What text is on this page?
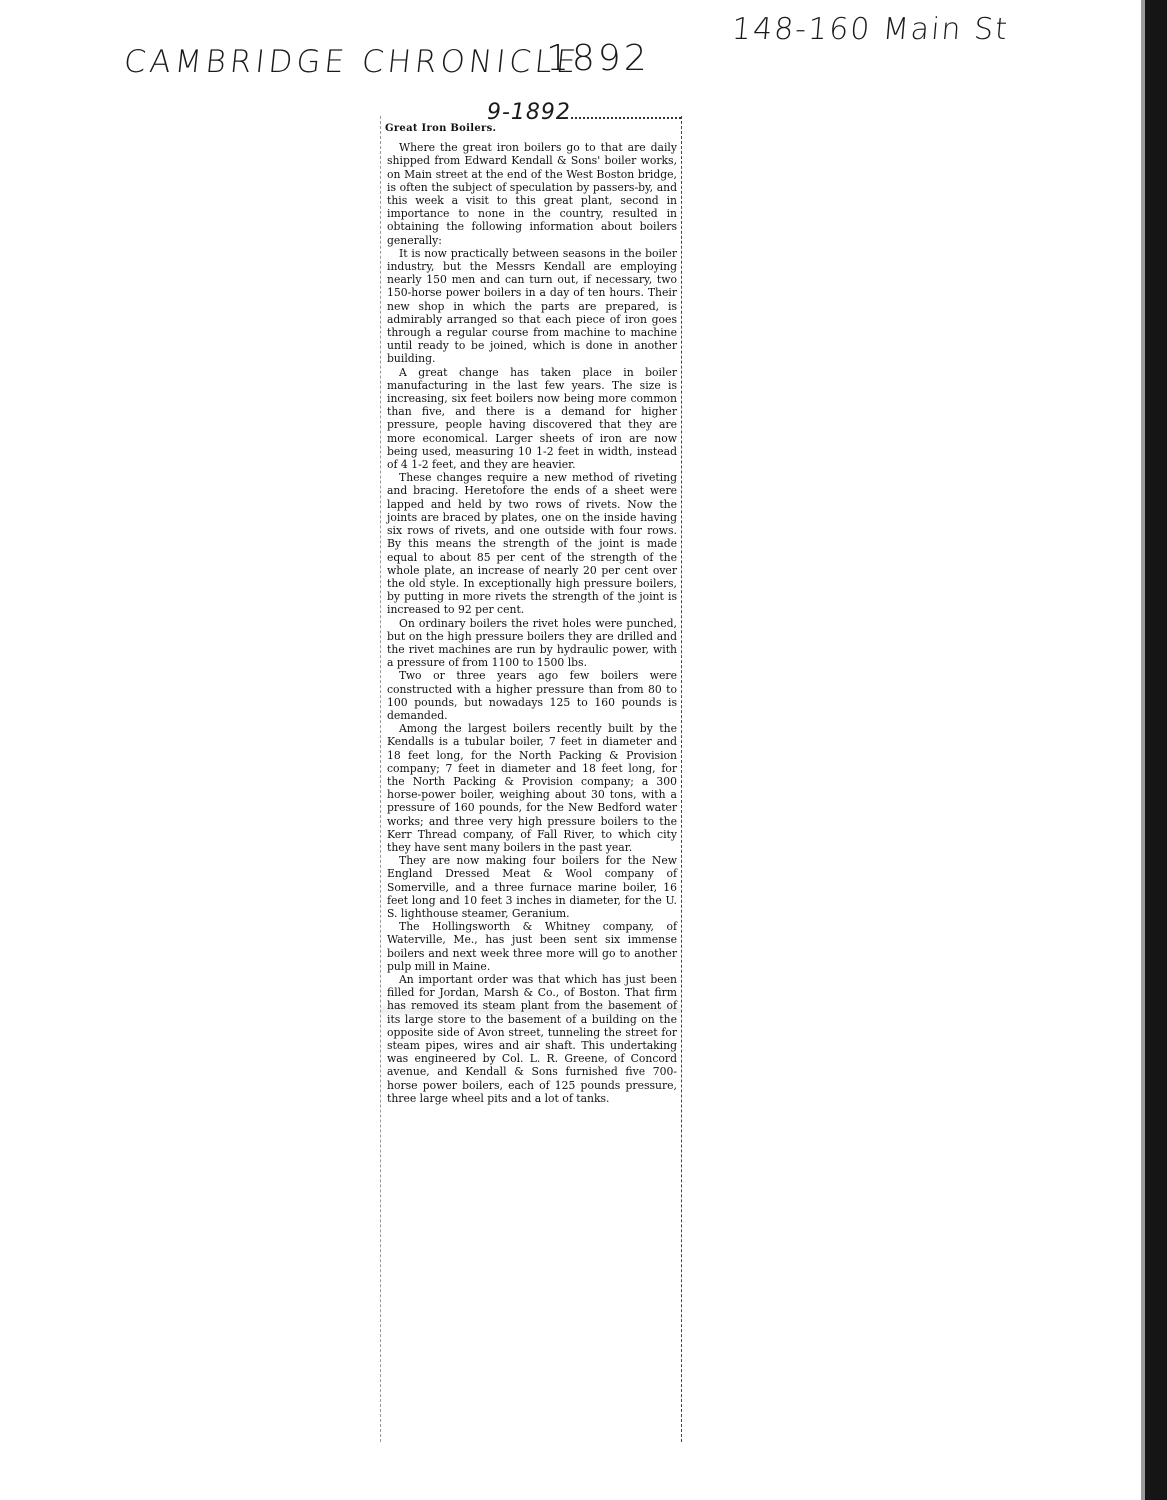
CAMBRIDGE CHRONICLE
1892
148-160 Main St
9-1892
Great Iron Boilers.

Where the great iron boilers go to that are daily shipped from Edward Kendall & Sons' boiler works, on Main street at the end of the West Boston bridge, is often the subject of speculation by passers-by, and this week a visit to this great plant, second in importance to none in the country, resulted in obtaining the following information about boilers generally:

It is now practically between seasons in the boiler industry, but the Messrs Kendall are employing nearly 150 men and can turn out, if necessary, two 150-horse power boilers in a day of ten hours. Their new shop in which the parts are prepared, is admirably arranged so that each piece of iron goes through a regular course from machine to machine until ready to be joined, which is done in another building.

A great change has taken place in boiler manufacturing in the last few years. The size is increasing, six feet boilers now being more common than five, and there is a demand for higher pressure, people having discovered that they are more economical. Larger sheets of iron are now being used, measuring 10 1-2 feet in width, instead of 4 1-2 feet, and they are heavier.

These changes require a new method of riveting and bracing. Heretofore the ends of a sheet were lapped and held by two rows of rivets. Now the joints are braced by plates, one on the inside having six rows of rivets, and one outside with four rows. By this means the strength of the joint is made equal to about 85 per cent of the strength of the whole plate, an increase of nearly 20 per cent over the old style. In exceptionally high pressure boilers, by putting in more rivets the strength of the joint is increased to 92 per cent.

On ordinary boilers the rivet holes were punched, but on the high pressure boilers they are drilled and the rivet machines are run by hydraulic power, with a pressure of from 1100 to 1500 lbs.

Two or three years ago few boilers were constructed with a higher pressure than from 80 to 100 pounds, but nowadays 125 to 160 pounds is demanded.

Among the largest boilers recently built by the Kendalls is a tubular boiler, 7 feet in diameter and 18 feet long, for the North Packing & Provision company; 7 feet in diameter and 18 feet long, for the North Packing & Provision company; a 300 horse-power boiler, weighing about 30 tons, with a pressure of 160 pounds, for the New Bedford water works; and three very high pressure boilers to the Kerr Thread company, of Fall River, to which city they have sent many boilers in the past year.

They are now making four boilers for the New England Dressed Meat & Wool company of Somerville, and a three furnace marine boiler, 16 feet long and 10 feet 3 inches in diameter, for the U. S. lighthouse steamer, Geranium.

The Hollingsworth & Whitney company, of Waterville, Me., has just been sent six immense boilers and next week three more will go to another pulp mill in Maine.

An important order was that which has just been filled for Jordan, Marsh & Co., of Boston. That firm has removed its steam plant from the basement of its large store to the basement of a building on the opposite side of Avon street, tunneling the street for steam pipes, wires and air shaft. This undertaking was engineered by Col. L. R. Greene, of Concord avenue, and Kendall & Sons furnished five 700-horse power boilers, each of 125 pounds pressure, three large wheel pits and a lot of tanks.
